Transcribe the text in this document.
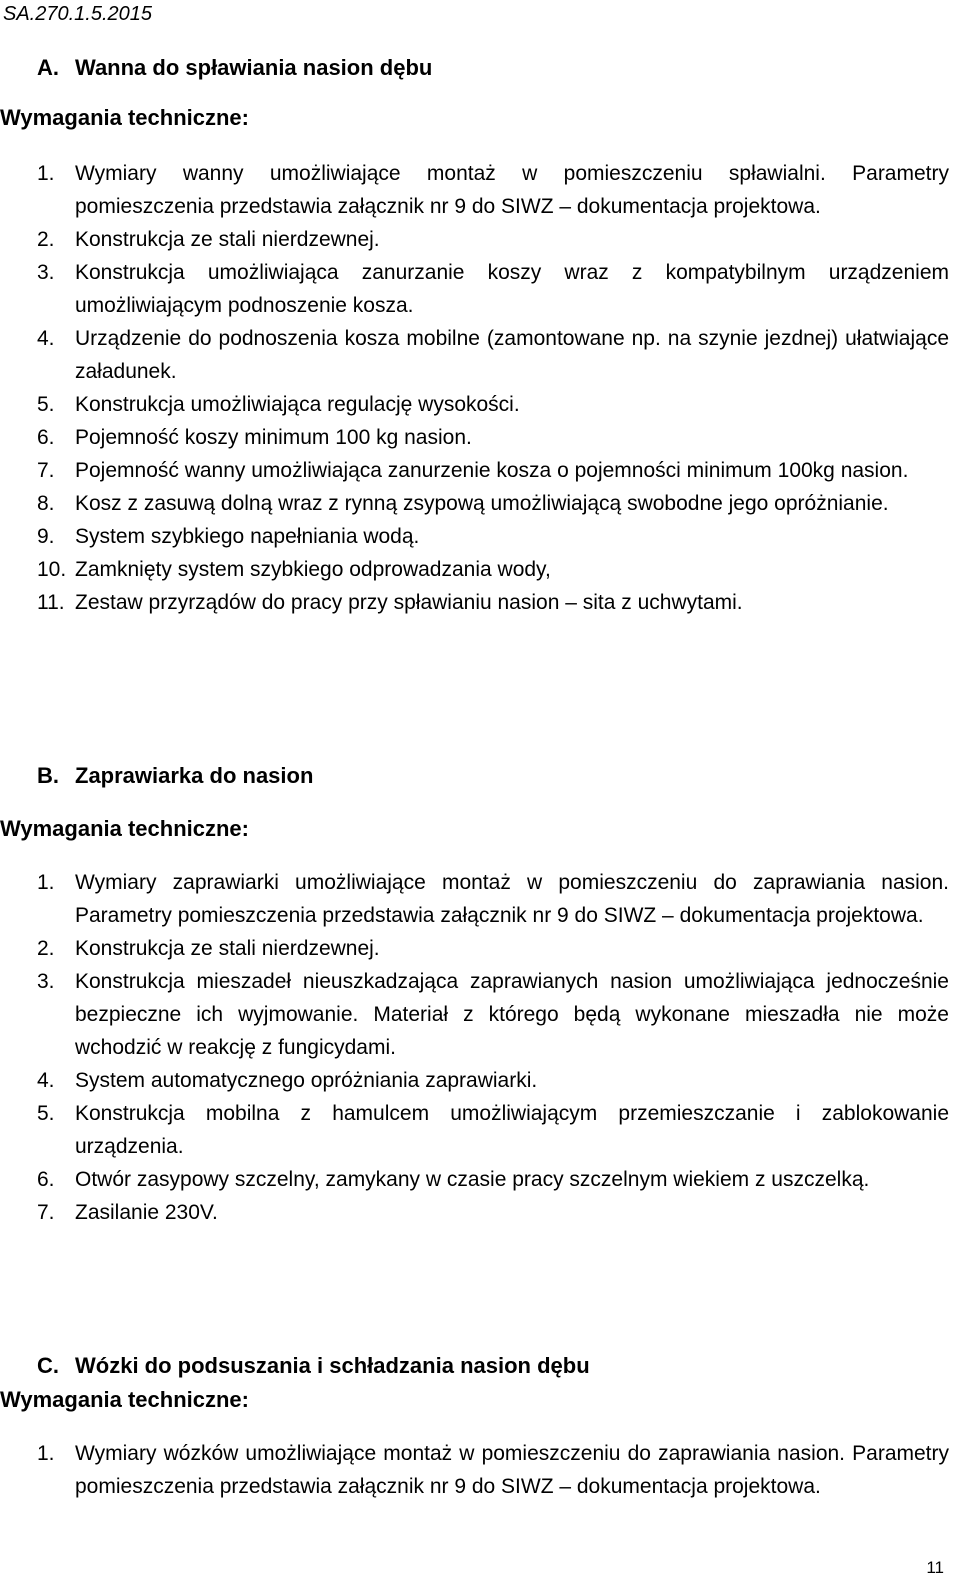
SA.270.1.5.2015
A. Wanna do spławiania nasion dębu
Wymagania techniczne:
1. Wymiary wanny umożliwiające montaż w pomieszczeniu spławialni. Parametry pomieszczenia przedstawia załącznik nr 9 do SIWZ – dokumentacja projektowa.
2. Konstrukcja ze stali nierdzewnej.
3. Konstrukcja umożliwiająca zanurzanie koszy wraz z kompatybilnym urządzeniem umożliwiającym podnoszenie kosza.
4. Urządzenie do podnoszenia kosza mobilne (zamontowane np. na szynie jezdnej) ułatwiające załadunek.
5. Konstrukcja umożliwiająca regulację wysokości.
6. Pojemność koszy minimum 100 kg nasion.
7. Pojemność wanny umożliwiająca zanurzenie kosza o pojemności minimum 100kg nasion.
8. Kosz z zasuwą dolną wraz z rynną zsypową umożliwiającą swobodne jego opróżnianie.
9. System szybkiego napełniania wodą.
10. Zamknięty system szybkiego odprowadzania wody,
11. Zestaw przyrządów do pracy przy spławianiu nasion – sita z uchwytami.
B. Zaprawiarka do nasion
Wymagania techniczne:
1. Wymiary zaprawiarki umożliwiające montaż w pomieszczeniu do zaprawiania nasion. Parametry pomieszczenia przedstawia załącznik nr 9 do SIWZ – dokumentacja projektowa.
2. Konstrukcja ze stali nierdzewnej.
3. Konstrukcja mieszadeł nieuszkadzająca zaprawianych nasion umożliwiająca jednocześnie bezpieczne ich wyjmowanie. Materiał z którego będą wykonane mieszadła nie może wchodzić w reakcję z fungicydami.
4. System automatycznego opróżniania zaprawiarki.
5. Konstrukcja mobilna z hamulcem umożliwiającym przemieszczanie i zablokowanie urządzenia.
6. Otwór zasypowy szczelny, zamykany w czasie pracy szczelnym wiekiem z uszczelką.
7. Zasilanie 230V.
C. Wózki do podsuszania i schładzania nasion dębu
Wymagania techniczne:
1. Wymiary wózków umożliwiające montaż w pomieszczeniu do zaprawiania nasion. Parametry pomieszczenia przedstawia załącznik nr 9 do SIWZ – dokumentacja projektowa.
11
